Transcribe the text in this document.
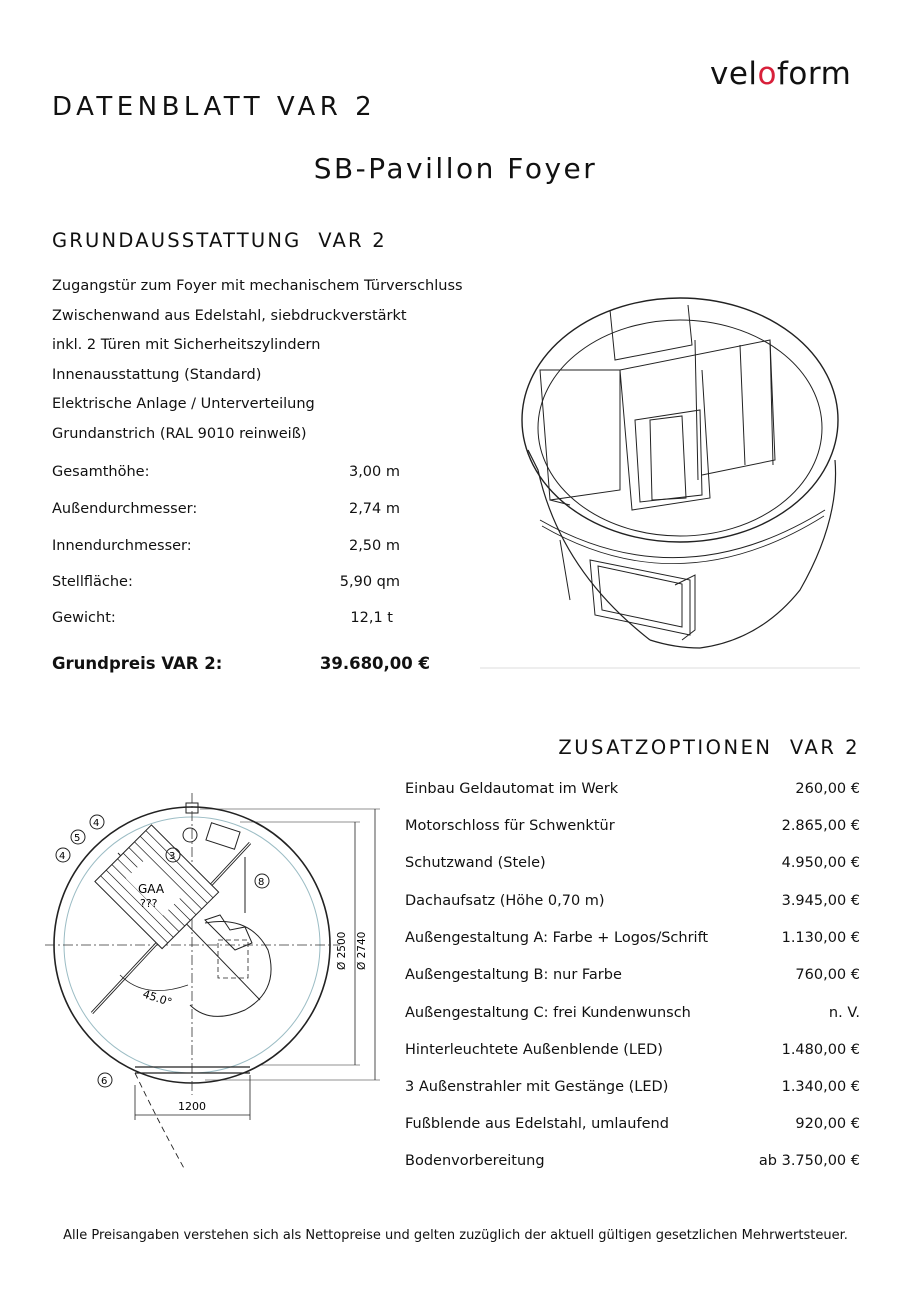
veloform
DATENBLATT VAR 2
SB-Pavillon Foyer
GRUNDAUSSTATTUNG  VAR 2
Zugangstür zum Foyer mit mechanischem Türverschluss
Zwischenwand aus Edelstahl, siebdruckverstärkt
inkl. 2 Türen mit Sicherheitszylindern
Innenausstattung (Standard)
Elektrische Anlage / Unterverteilung
Grundanstrich (RAL 9010 reinweiß)
Gesamthöhe:	3,00 m
Außendurchmesser:	2,74 m
Innendurchmesser:	2,50 m
Stellfläche:	5,90 qm
Gewicht:	12,1 t
Grundpreis VAR 2:	39.680,00 €
ZUSATZOPTIONEN  VAR 2
Einbau Geldautomat im Werk	260,00 €
Motorschloss für Schwenktür	2.865,00 €
Schutzwand (Stele)	4.950,00 €
Dachaufsatz (Höhe 0,70 m)	3.945,00 €
Außengestaltung A: Farbe + Logos/Schrift	1.130,00 €
Außengestaltung B: nur Farbe	760,00 €
Außengestaltung C: frei Kundenwunsch	n. V.
Hinterleuchtete Außenblende (LED)	1.480,00 €
3 Außenstrahler mit Gestänge (LED)	1.340,00 €
Fußblende aus Edelstahl, umlaufend	920,00 €
Bodenvorbereitung	ab 3.750,00 €
GAA
???
45.0°
4
5
4	3
8
6
1200
Ø 2500 Ø 2740
Alle Preisangaben verstehen sich als Nettopreise und gelten zuzüglich der aktuell gültigen gesetzlichen Mehrwertsteuer.
